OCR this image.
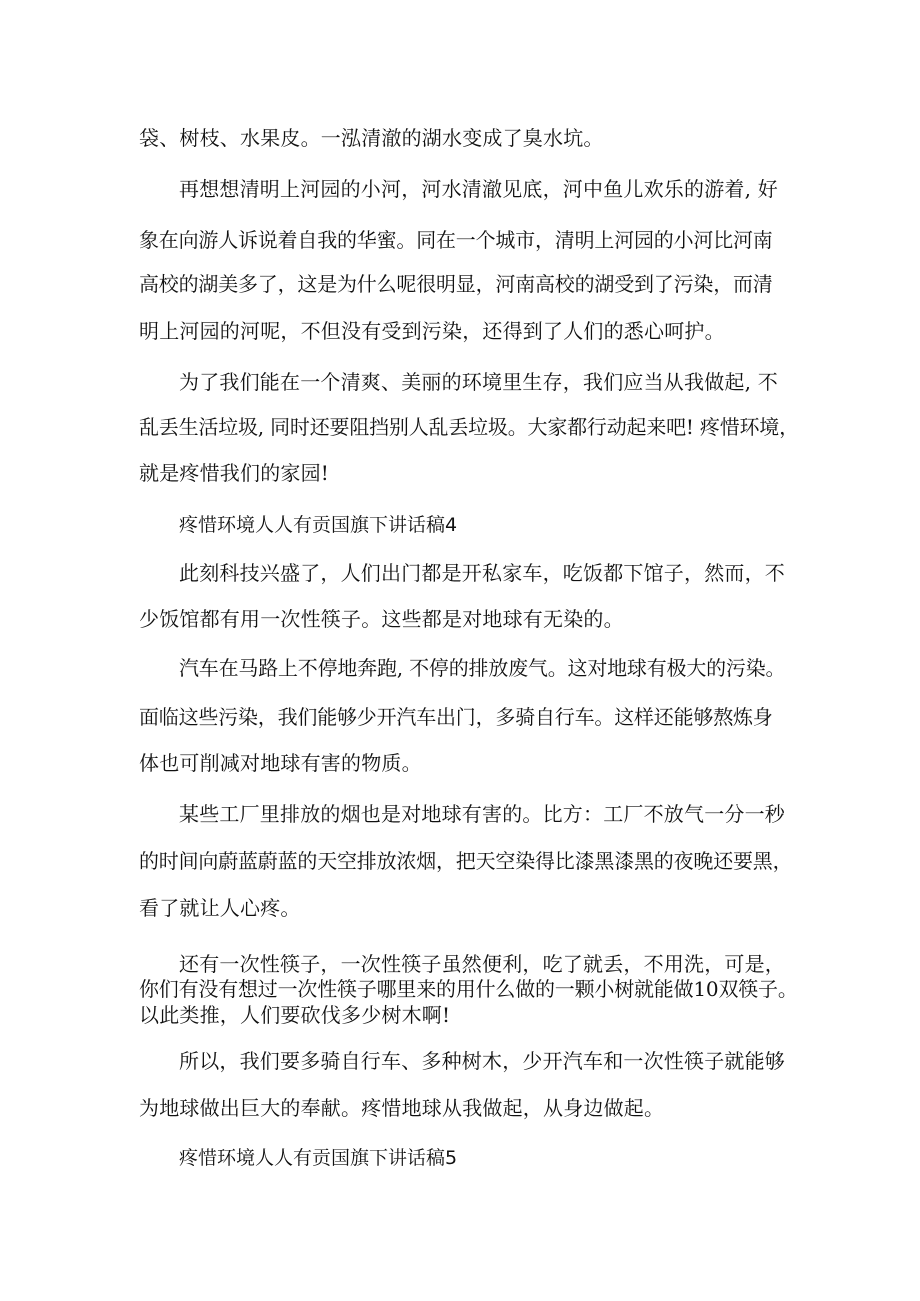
袋、树枝、水果皮。一泓清澈的湖水变成了臭水坑。
再想想清明上河园的小河，河水清澈见底，河中鱼儿欢乐的游着, 好
象在向游人诉说着自我的华蜜。同在一个城市，清明上河园的小河比河南
高校的湖美多了，这是为什么呢很明显，河南高校的湖受到了污染，而清
明上河园的河呢，不但没有受到污染，还得到了人们的悉心呵护。
为了我们能在一个清爽、美丽的环境里生存，我们应当从我做起, 不
乱丢生活垃圾, 同时还要阻挡别人乱丢垃圾。大家都行动起来吧! 疼惜环境，
就是疼惜我们的家园!
疼惜环境人人有贡国旗下讲话稿4
此刻科技兴盛了，人们出门都是开私家车，吃饭都下馆子，然而，不
少饭馆都有用一次性筷子。这些都是对地球有无染的。
汽车在马路上不停地奔跑, 不停的排放废气。这对地球有极大的污染。
面临这些污染，我们能够少开汽车出门，多骑自行车。这样还能够熬炼身
体也可削减对地球有害的物质。
某些工厂里排放的烟也是对地球有害的。比方：工厂不放气一分一秒
的时间向蔚蓝蔚蓝的天空排放浓烟，把天空染得比漆黑漆黑的夜晚还要黑，
看了就让人心疼。
还有一次性筷子，一次性筷子虽然便利，吃了就丢，不用洗，可是，
你们有没有想过一次性筷子哪里来的用什么做的一颗小树就能做10双筷子。
以此类推，人们要砍伐多少树木啊!
所以，我们要多骑自行车、多种树木，少开汽车和一次性筷子就能够
为地球做出巨大的奉献。疼惜地球从我做起，从身边做起。
疼惜环境人人有贡国旗下讲话稿5
